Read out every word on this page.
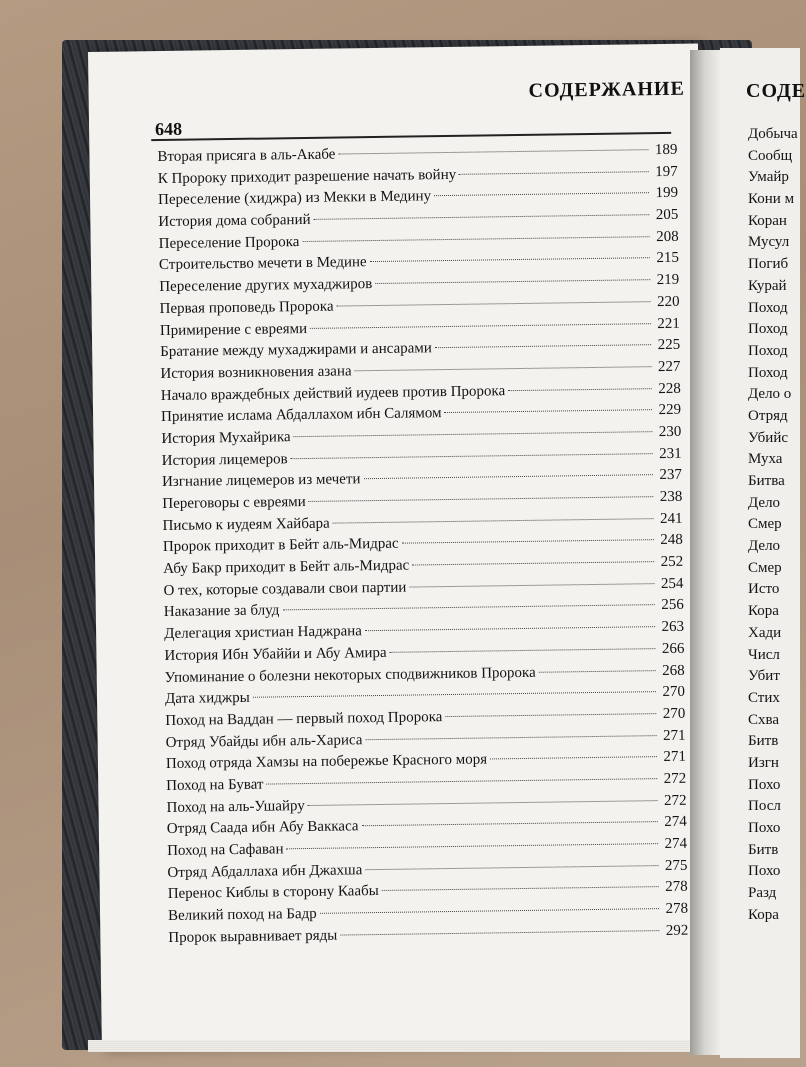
СОДЕРЖАНИЕ
648
Вторая присяга в аль-Акабе	189
К Пророку приходит разрешение начать войну	197
Переселение (хиджра) из Мекки в Медину	199
История дома собраний	205
Переселение Пророка	208
Строительство мечети в Медине	215
Переселение других мухаджиров	219
Первая проповедь Пророка	220
Примирение с евреями	221
Братание между мухаджирами и ансарами	225
История возникновения азана	227
Начало враждебных действий иудеев против Пророка	228
Принятие ислама Абдаллахом ибн Салямом	229
История Мухайрика	230
История лицемеров	231
Изгнание лицемеров из мечети	237
Переговоры с евреями	238
Письмо к иудеям Хайбара	241
Пророк приходит в Бейт аль-Мидрас	248
Абу Бакр приходит в Бейт аль-Мидрас	252
О тех, которые создавали свои партии	254
Наказание за блуд	256
Делегация христиан Наджрана	263
История Ибн Убаййи и Абу Амира	266
Упоминание о болезни некоторых сподвижников Пророка	268
Дата хиджры	270
Поход на Ваддан — первый поход Пророка	270
Отряд Убайды ибн аль-Хариса	271
Поход отряда Хамзы на побережье Красного моря	271
Поход на Буват	272
Поход на аль-Ушайру	272
Отряд Саада ибн Абу Ваккаса	274
Поход на Сафаван	274
Отряд Абдаллаха ибн Джахша	275
Перенос Киблы в сторону Каабы	278
Великий поход на Бадр	278
Пророк выравнивает ряды	292
СОДЕ
Добыча
Сообщ
Умайр
Кони м
Коран
Мусул
Погиб
Курай
Поход
Поход
Поход
Поход
Дело о
Отряд
Убийс
Муха
Битва
Дело
Смер
Дело
Смер
Исто
Кора
Хади
Числ
Убит
Стих
Схва
Битв
Изгн
Похо
Посл
Похо
Битв
Похо
Разд
Кора
